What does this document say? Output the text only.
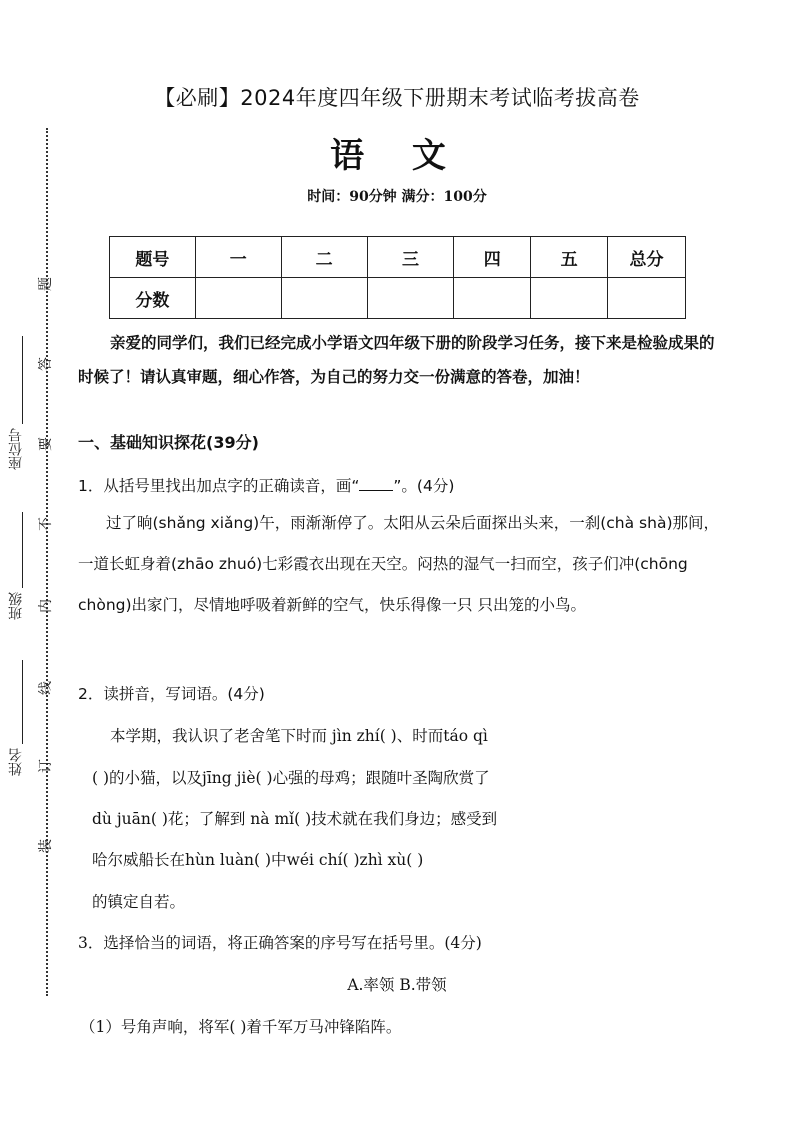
题
答
要
不
内
线
订
装
座位号
班级
姓名
【必刷】2024年度四年级下册期末考试临考拔高卷
语 文
时间：90分钟 满分：100分
题号	一	二	三	四	五	总分
分数						
亲爱的同学们，我们已经完成小学语文四年级下册的阶段学习任务，接下来是检验成果的时候了！请认真审题，细心作答，为自己的努力交一份满意的答卷，加油！
一、基础知识探花(39分)
1．从括号里找出加点字的正确读音，画“ ”。(4分)
过了晌(shǎng xiǎng)午，雨渐渐停了。太阳从云朵后面探出头来，一刹(chà shà)那间，一道长虹身着(zhāo zhuó)七彩霞衣出现在天空。闷热的湿气一扫而空，孩子们冲(chōng chòng)出家门，尽情地呼吸着新鲜的空气，快乐得像一只 只出笼的小鸟。
2．读拼音，写词语。(4分)
本学期，我认识了老舍笔下时而 jìn zhí( )、时而táo qì
( )的小猫，以及jīng jiè( )心强的母鸡；跟随叶圣陶欣赏了
dù juān( )花；了解到 nà mǐ( )技术就在我们身边；感受到
哈尔威船长在hùn luàn( )中wéi chí( )zhì xù( )
的镇定自若。
3．选择恰当的词语，将正确答案的序号写在括号里。(4分)
A.率领 B.带领
（1）号角声响，将军( )着千军万马冲锋陷阵。
